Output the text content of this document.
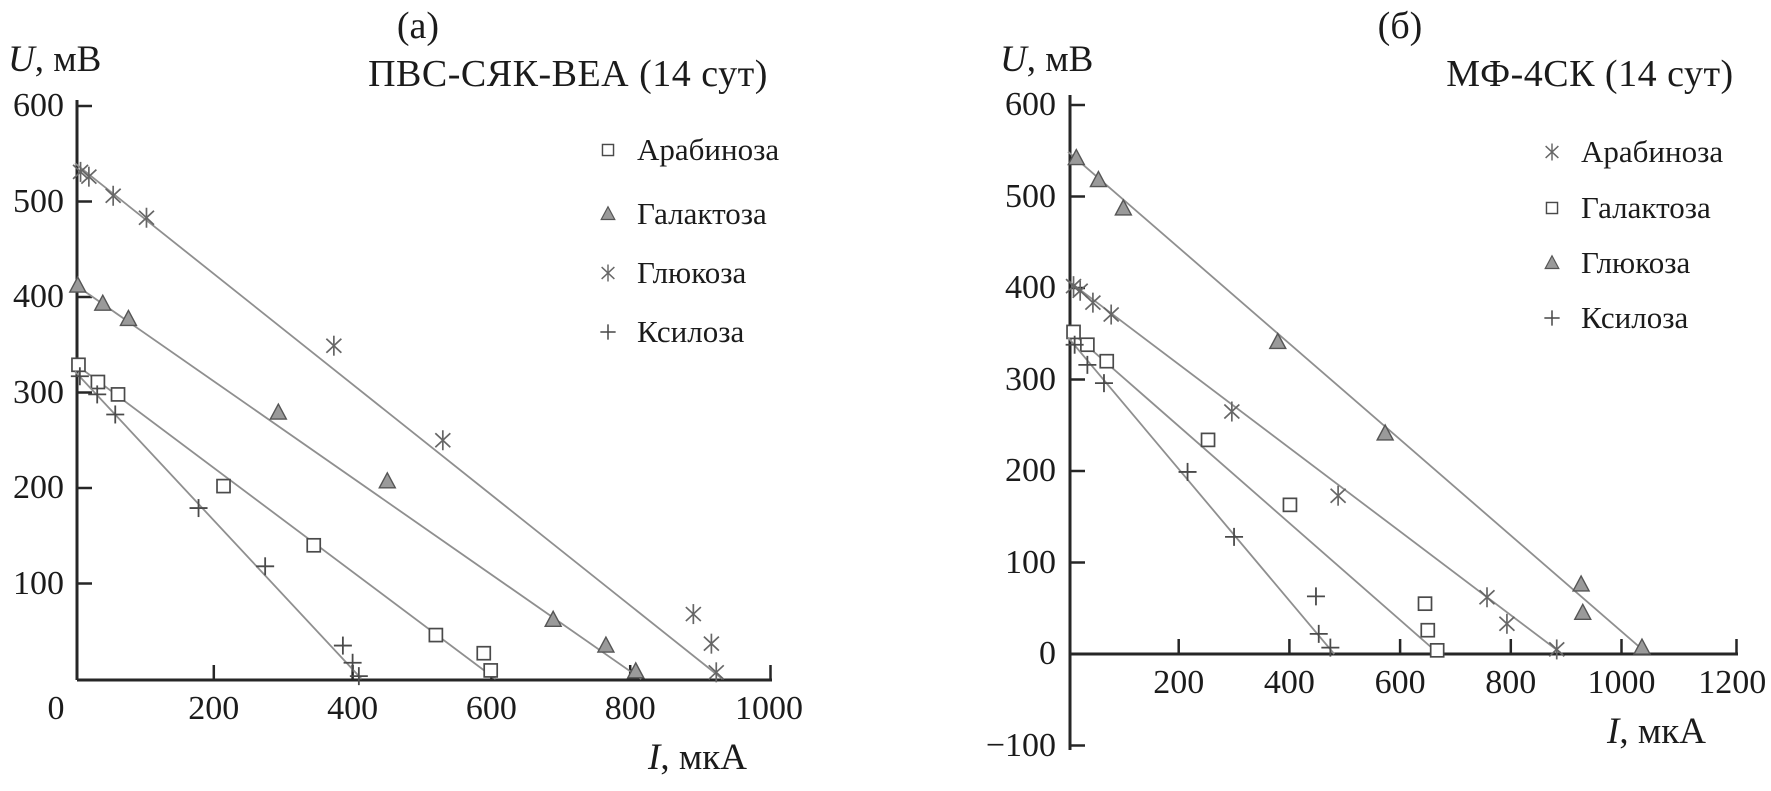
(a)
ПВС-СЯК-ВЕА (14 сут)
U, мВ
I, мкА
0	200	400	600	800	1000
600
500
400
300
200
100
Арабиноза
Галактоза
Глюкоза
Ксилоза
(б)
МФ-4СК (14 сут)
U, мВ
I, мкА
200	400	600	800	1000	1200
600
500
400
300
200
100
0
−100
Арабиноза
Галактоза
Глюкоза
Ксилоза
